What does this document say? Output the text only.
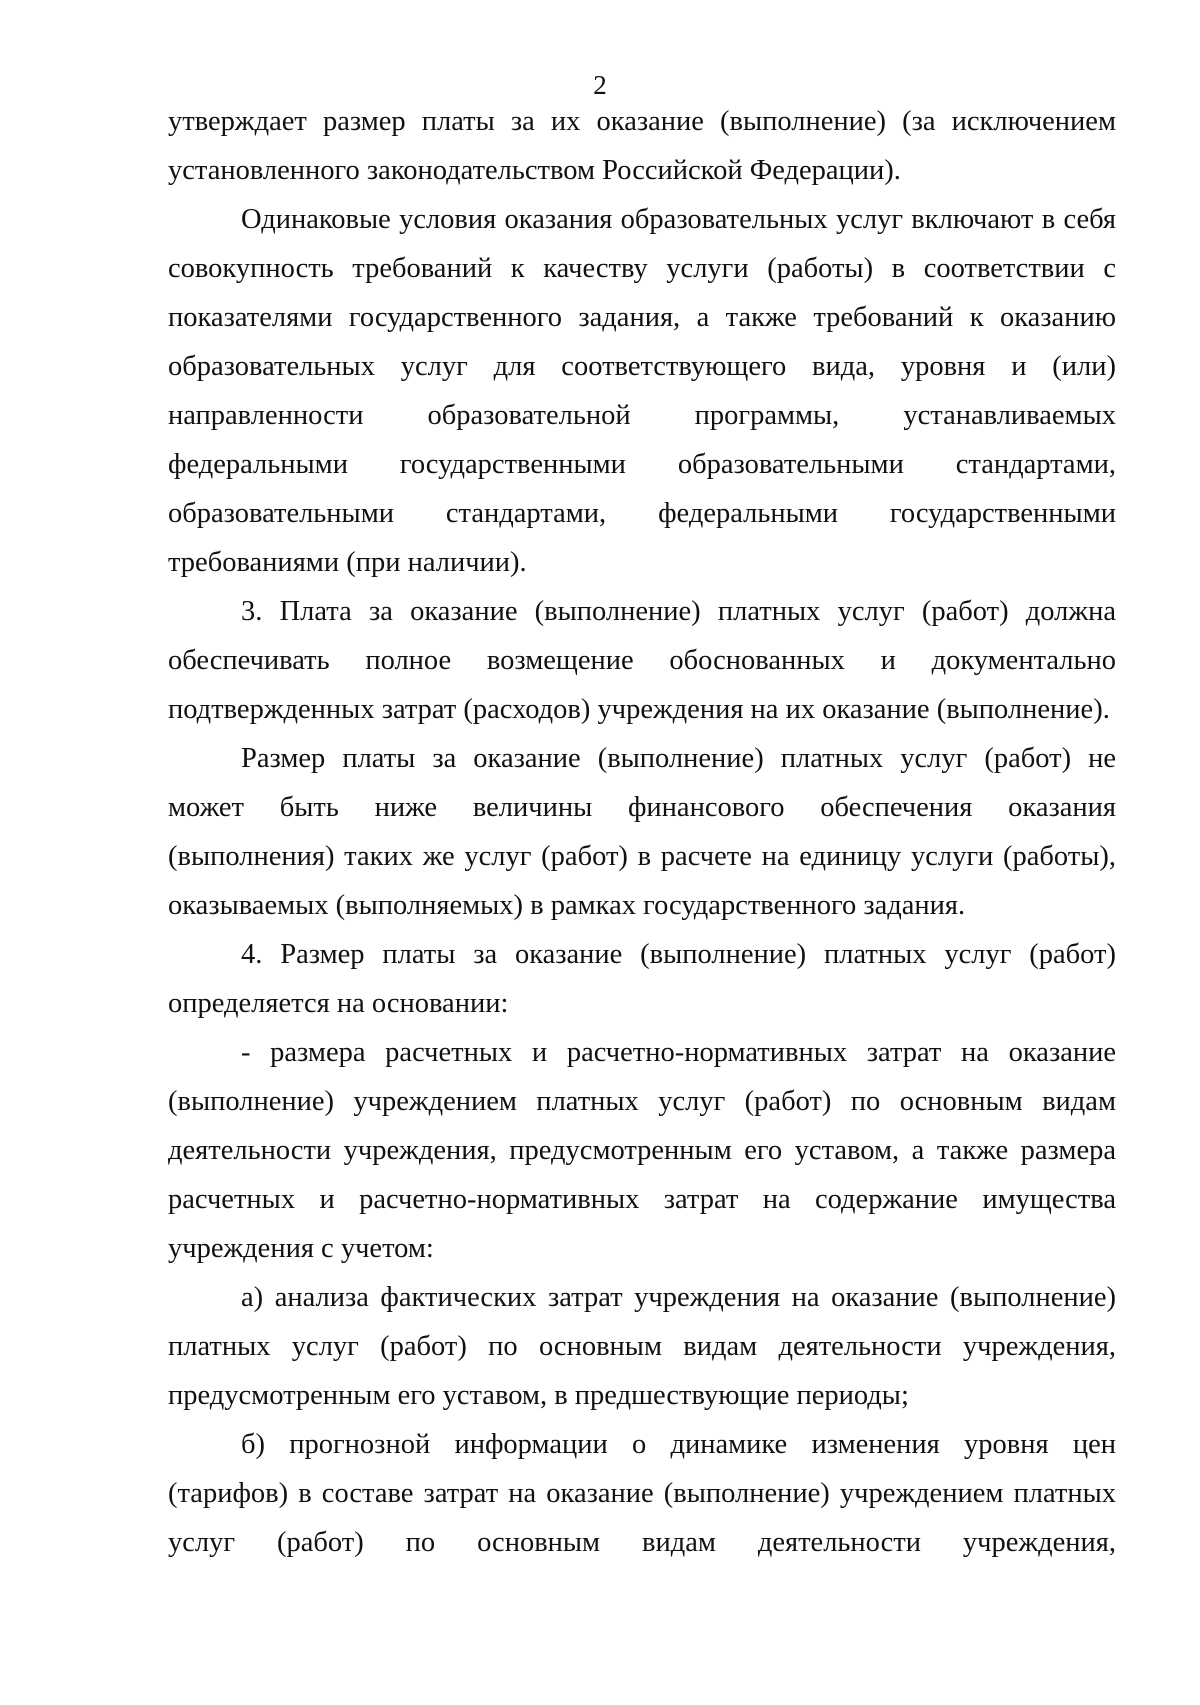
2

утверждает размер платы за их оказание (выполнение) (за исключением установленного законодательством Российской Федерации).

Одинаковые условия оказания образовательных услуг включают в себя совокупность требований к качеству услуги (работы) в соответствии с показателями государственного задания, а также требований к оказанию образовательных услуг для соответствующего вида, уровня и (или) направленности образовательной программы, устанавливаемых федеральными государственными образовательными стандартами, образовательными стандартами, федеральными государственными требованиями (при наличии).

3. Плата за оказание (выполнение) платных услуг (работ) должна обеспечивать полное возмещение обоснованных и документально подтвержденных затрат (расходов) учреждения на их оказание (выполнение).

Размер платы за оказание (выполнение) платных услуг (работ) не может быть ниже величины финансового обеспечения оказания (выполнения) таких же услуг (работ) в расчете на единицу услуги (работы), оказываемых (выполняемых) в рамках государственного задания.

4. Размер платы за оказание (выполнение) платных услуг (работ) определяется на основании:

- размера расчетных и расчетно-нормативных затрат на оказание (выполнение) учреждением платных услуг (работ) по основным видам деятельности учреждения, предусмотренным его уставом, а также размера расчетных и расчетно-нормативных затрат на содержание имущества учреждения с учетом:

а) анализа фактических затрат учреждения на оказание (выполнение) платных услуг (работ) по основным видам деятельности учреждения, предусмотренным его уставом, в предшествующие периоды;

б) прогнозной информации о динамике изменения уровня цен (тарифов) в составе затрат на оказание (выполнение) учреждением платных услуг (работ) по основным видам деятельности учреждения,
